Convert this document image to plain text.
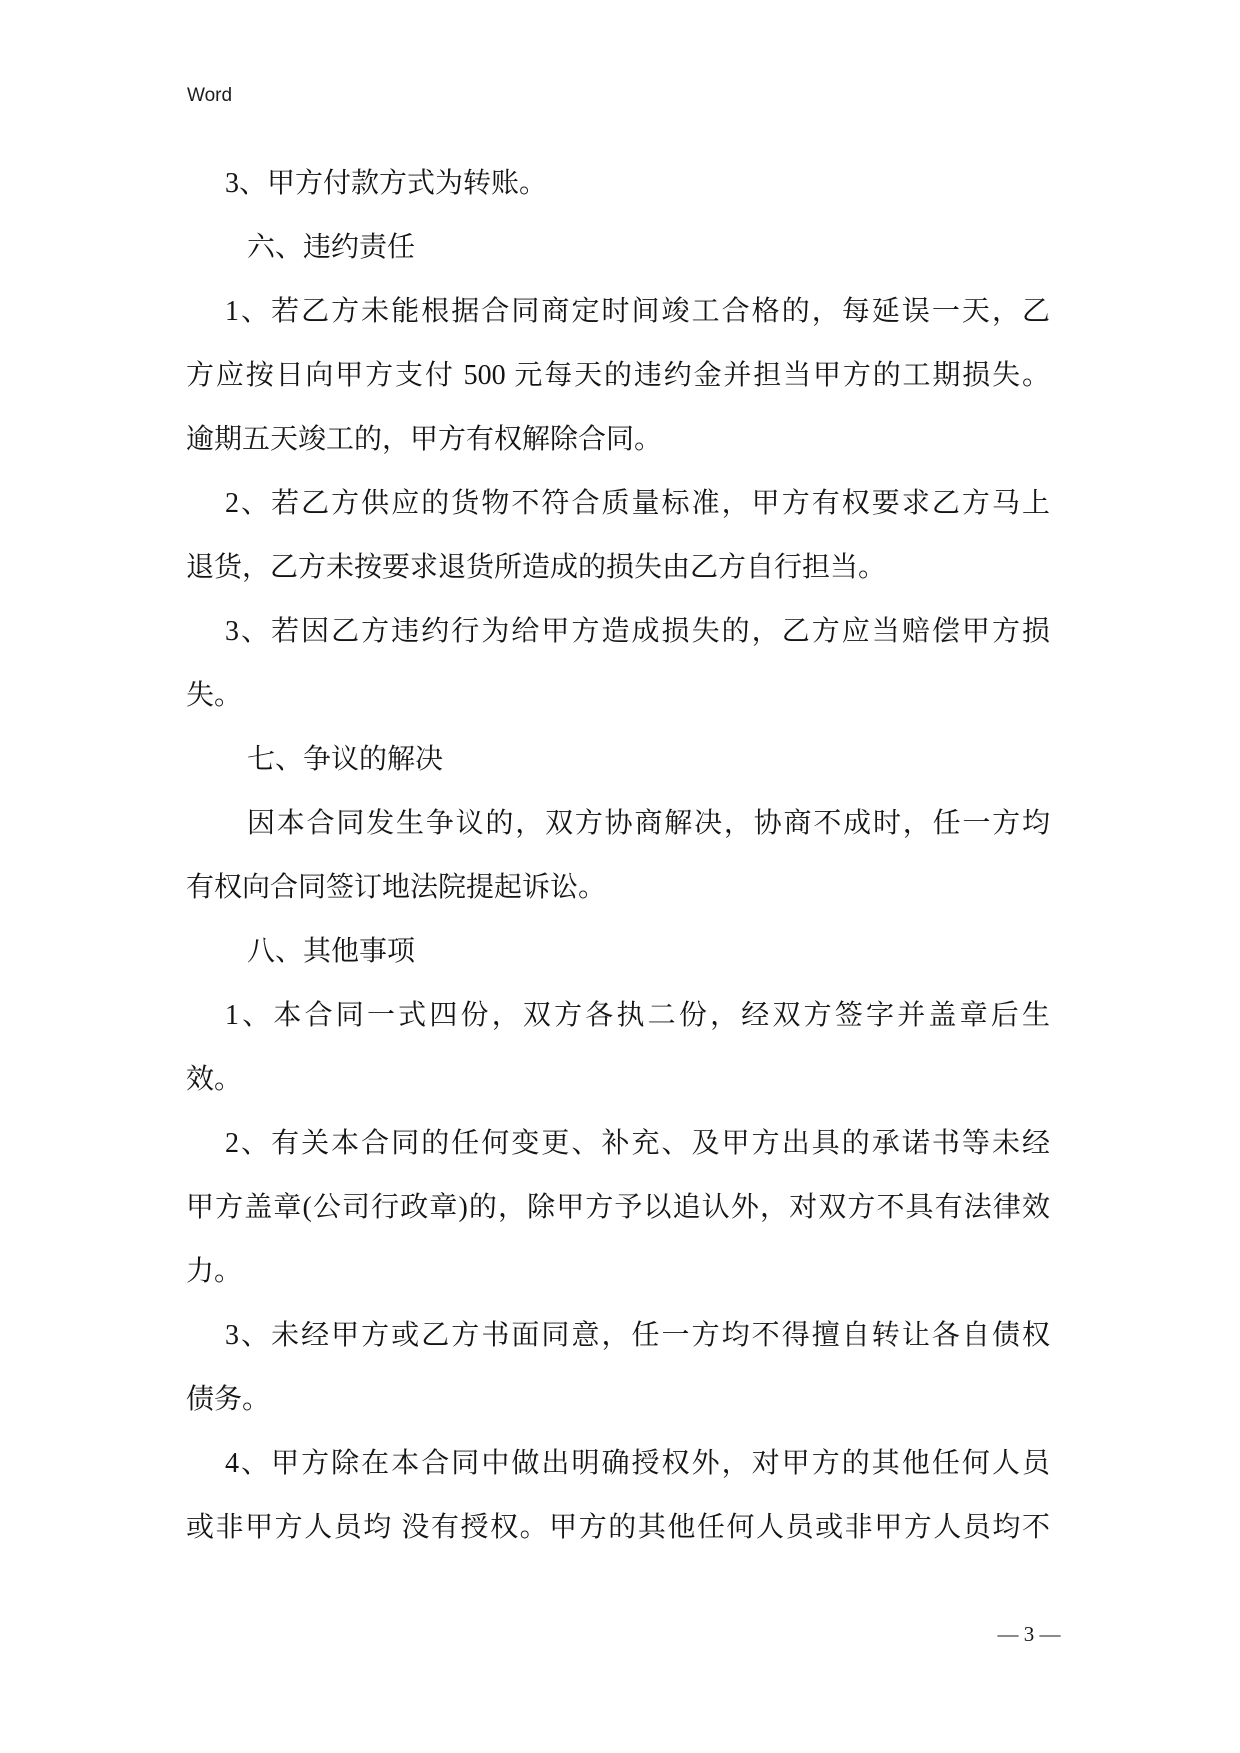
Word
3、甲方付款方式为转账。
六、违约责任
1、若乙方未能根据合同商定时间竣工合格的，每延误一天，乙
方应按日向甲方支付 500 元每天的违约金并担当甲方的工期损失。
逾期五天竣工的，甲方有权解除合同。
2、若乙方供应的货物不符合质量标准，甲方有权要求乙方马上
退货，乙方未按要求退货所造成的损失由乙方自行担当。
3、若因乙方违约行为给甲方造成损失的，乙方应当赔偿甲方损
失。
七、争议的解决
因本合同发生争议的，双方协商解决，协商不成时，任一方均
有权向合同签订地法院提起诉讼。
八、其他事项
1、本合同一式四份，双方各执二份，经双方签字并盖章后生
效。
2、有关本合同的任何变更、补充、及甲方出具的承诺书等未经
甲方盖章(公司行政章)的，除甲方予以追认外，对双方不具有法律效
力。
3、未经甲方或乙方书面同意，任一方均不得擅自转让各自债权
债务。
4、甲方除在本合同中做出明确授权外，对甲方的其他任何人员
或非甲方人员均 没有授权。甲方的其他任何人员或非甲方人员均不
— 3 —
